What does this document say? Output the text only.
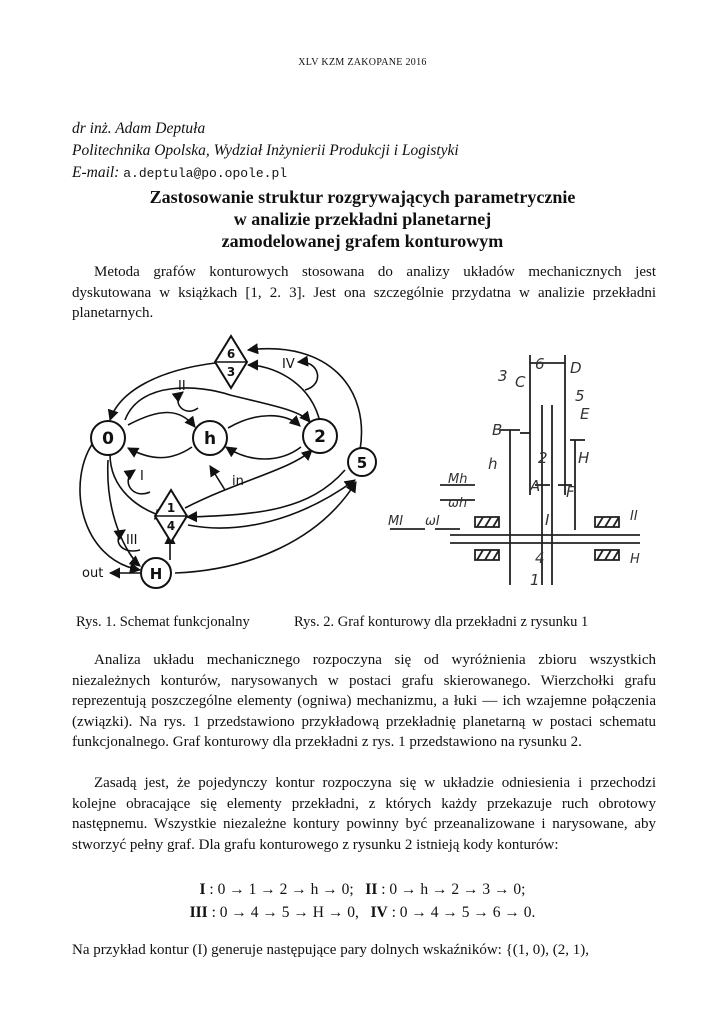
XLV KZM ZAKOPANE 2016
dr inż. Adam Deptuła
Politechnika Opolska, Wydział Inżynierii Produkcji i Logistyki
E-mail: a.deptula@po.opole.pl
Zastosowanie struktur rozgrywających parametrycznie
w analizie przekładni planetarnej
zamodelowanej grafem konturowym
Metoda grafów konturowych stosowana do analizy układów mechanicznych jest dyskutowana w książkach [1, 2. 3]. Jest ona szczególnie przydatna w analizie przekładni planetarnych.
0	h	2
5
H
6
3
1
4
II
IV
I
III
in
out
3 C
6 D
5
E
B
h	2 H
A F
Mh
ωh
MI ωI	I	II
4
1
H
Rys. 1. Schemat funkcjonalny	Rys. 2. Graf konturowy dla przekładni z rysunku 1
Analiza układu mechanicznego rozpoczyna się od wyróżnienia zbioru wszystkich niezależnych konturów, narysowanych w postaci grafu skierowanego. Wierzchołki grafu reprezentują poszczególne elementy (ogniwa) mechanizmu, a łuki — ich wzajemne połączenia (związki). Na rys. 1 przedstawiono przykładową przekładnię planetarną w postaci schematu funkcjonalnego. Graf konturowy dla przekładni z rys. 1 przedstawiono na rysunku 2.
Zasadą jest, że pojedynczy kontur rozpoczyna się w układzie odniesienia i przechodzi kolejne obracające się elementy przekładni, z których każdy przekazuje ruch obrotowy następnemu. Wszystkie niezależne kontury powinny być przeanalizowane i narysowane, aby stworzyć pełny graf. Dla grafu konturowego z rysunku 2 istnieją kody konturów:
I : 0 → 1 → 2 → h → 0; II : 0 → h → 2 → 3 → 0;
III : 0 → 4 → 5 → H → 0, IV : 0 → 4 → 5 → 6 → 0.
Na przykład kontur (I) generuje następujące pary dolnych wskaźników: {(1, 0), (2, 1),
